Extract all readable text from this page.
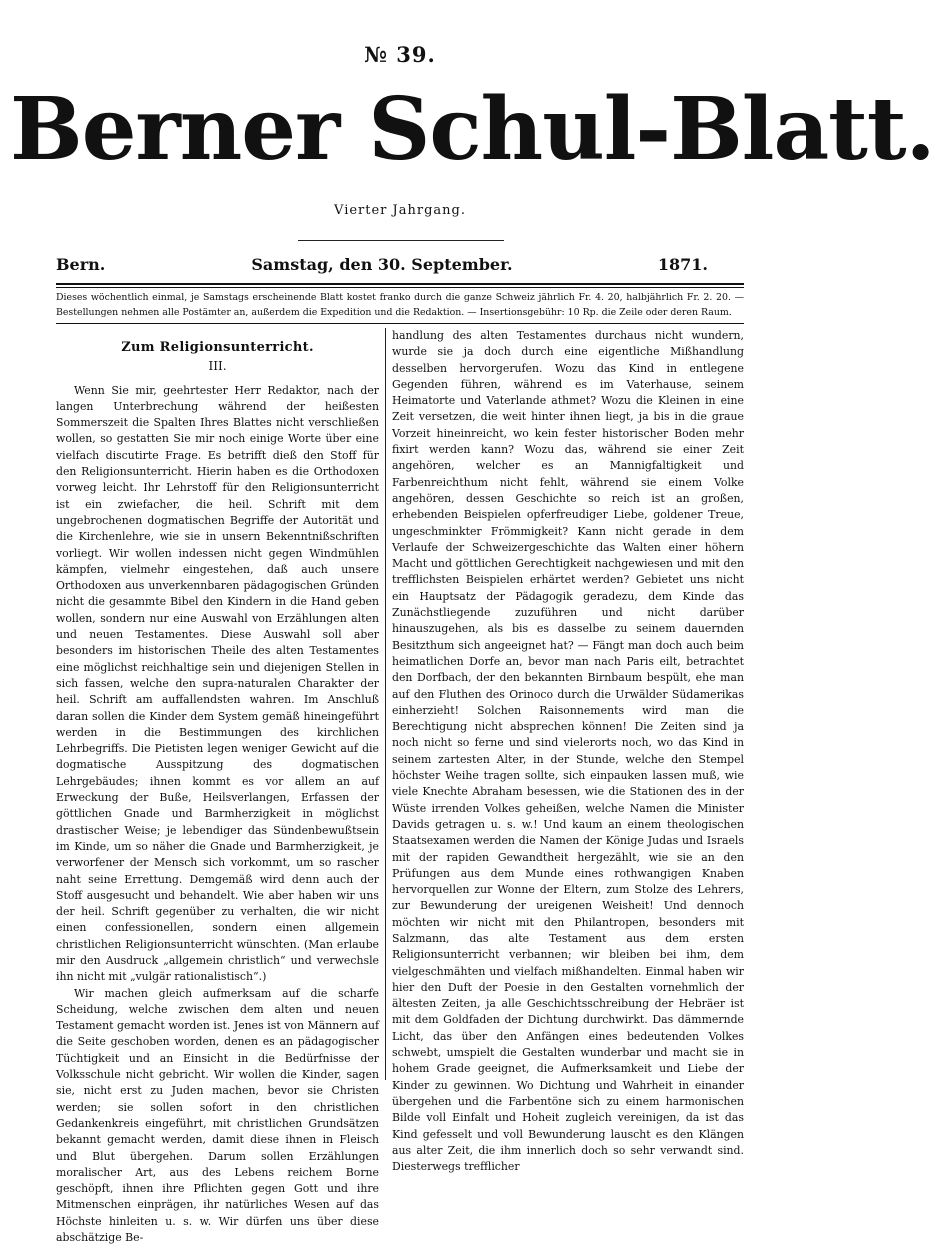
№ 39.
Berner Schul-Blatt.
Vierter Jahrgang.
Bern.	Samstag, den 30. September.	1871.
Dieses wöchentlich einmal, je Samstags erscheinende Blatt kostet franko durch die ganze Schweiz jährlich Fr. 4. 20, halbjährlich Fr. 2. 20. — Bestellungen nehmen alle Postämter an, außerdem die Expedition und die Redaktion. — Insertionsgebühr: 10 Rp. die Zeile oder deren Raum.
Zum Religionsunterricht.

III.

Wenn Sie mir, geehrtester Herr Redaktor, nach der langen Unterbrechung während der heißesten Sommerszeit die Spalten Ihres Blattes nicht verschließen wollen, so gestatten Sie mir noch einige Worte über eine vielfach discutirte Frage. Es betrifft dieß den Stoff für den Religionsunterricht. Hierin haben es die Orthodoxen vorweg leicht. Ihr Lehrstoff für den Religionsunterricht ist ein zwiefacher, die heil. Schrift mit dem ungebrochenen dogmatischen Begriffe der Autorität und die Kirchenlehre, wie sie in unsern Bekenntnißschriften vorliegt. Wir wollen indessen nicht gegen Windmühlen kämpfen, vielmehr eingestehen, daß auch unsere Orthodoxen aus unverkennbaren pädagogischen Gründen nicht die gesammte Bibel den Kindern in die Hand geben wollen, sondern nur eine Auswahl von Erzählungen alten und neuen Testamentes. Diese Auswahl soll aber besonders im historischen Theile des alten Testamentes eine möglichst reichhaltige sein und diejenigen Stellen in sich fassen, welche den supra-naturalen Charakter der heil. Schrift am auffallendsten wahren. Im Anschluß daran sollen die Kinder dem System gemäß hineingeführt werden in die Bestimmungen des kirchlichen Lehrbegriffs. Die Pietisten legen weniger Gewicht auf die dogmatische Ausspitzung des dogmatischen Lehrgebäudes; ihnen kommt es vor allem an auf Erweckung der Buße, Heilsverlangen, Erfassen der göttlichen Gnade und Barmherzigkeit in möglichst drastischer Weise; je lebendiger das Sündenbewußtsein im Kinde, um so näher die Gnade und Barmherzigkeit, je verworfener der Mensch sich vorkommt, um so rascher naht seine Errettung. Demgemäß wird denn auch der Stoff ausgesucht und behandelt. Wie aber haben wir uns der heil. Schrift gegenüber zu verhalten, die wir nicht einen confessionellen, sondern einen allgemein christlichen Religionsunterricht wünschten. (Man erlaube mir den Ausdruck „allgemein christlich“ und verwechsle ihn nicht mit „vulgär rationalistisch“.)

Wir machen gleich aufmerksam auf die scharfe Scheidung, welche zwischen dem alten und neuen Testament gemacht worden ist. Jenes ist von Männern auf die Seite geschoben worden, denen es an pädagogischer Tüchtigkeit und an Einsicht in die Bedürfnisse der Volksschule nicht gebricht. Wir wollen die Kinder, sagen sie, nicht erst zu Juden machen, bevor sie Christen werden; sie sollen sofort in den christlichen Gedankenkreis eingeführt, mit christlichen Grundsätzen bekannt gemacht werden, damit diese ihnen in Fleisch und Blut übergehen. Darum sollen Erzählungen moralischer Art, aus des Lebens reichem Borne geschöpft, ihnen ihre Pflichten gegen Gott und ihre Mitmenschen einprägen, ihr natürliches Wesen auf das Höchste hinleiten u. s. w. Wir dürfen uns über diese abschätzige Be-

handlung des alten Testamentes durchaus nicht wundern, wurde sie ja doch durch eine eigentliche Mißhandlung desselben hervorgerufen. Wozu das Kind in entlegene Gegenden führen, während es im Vaterhause, seinem Heimatorte und Vaterlande athmet? Wozu die Kleinen in eine Zeit versetzen, die weit hinter ihnen liegt, ja bis in die graue Vorzeit hineinreicht, wo kein fester historischer Boden mehr fixirt werden kann? Wozu das, während sie einer Zeit angehören, welcher es an Mannigfaltigkeit und Farbenreichthum nicht fehlt, während sie einem Volke angehören, dessen Geschichte so reich ist an großen, erhebenden Beispielen opferfreudiger Liebe, goldener Treue, ungeschminkter Frömmigkeit? Kann nicht gerade in dem Verlaufe der Schweizergeschichte das Walten einer höhern Macht und göttlichen Gerechtigkeit nachgewiesen und mit den trefflichsten Beispielen erhärtet werden? Gebietet uns nicht ein Hauptsatz der Pädagogik geradezu, dem Kinde das Zunächstliegende zuzuführen und nicht darüber hinauszugehen, als bis es dasselbe zu seinem dauernden Besitzthum sich angeeignet hat? — Fängt man doch auch beim heimatlichen Dorfe an, bevor man nach Paris eilt, betrachtet den Dorfbach, der den bekannten Birnbaum bespült, ehe man auf den Fluthen des Orinoco durch die Urwälder Südamerikas einherzieht! Solchen Raisonnements wird man die Berechtigung nicht absprechen können! Die Zeiten sind ja noch nicht so ferne und sind vielerorts noch, wo das Kind in seinem zartesten Alter, in der Stunde, welche den Stempel höchster Weihe tragen sollte, sich einpauken lassen muß, wie viele Knechte Abraham besessen, wie die Stationen des in der Wüste irrenden Volkes geheißen, welche Namen die Minister Davids getragen u. s. w.! Und kaum an einem theologischen Staatsexamen werden die Namen der Könige Judas und Israels mit der rapiden Gewandtheit hergezählt, wie sie an den Prüfungen aus dem Munde eines rothwangigen Knaben hervorquellen zur Wonne der Eltern, zum Stolze des Lehrers, zur Bewunderung der ureigenen Weisheit! Und dennoch möchten wir nicht mit den Philantropen, besonders mit Salzmann, das alte Testament aus dem ersten Religionsunterricht verbannen; wir bleiben bei ihm, dem vielgeschmähten und vielfach mißhandelten. Einmal haben wir hier den Duft der Poesie in den Gestalten vornehmlich der ältesten Zeiten, ja alle Geschichtsschreibung der Hebräer ist mit dem Goldfaden der Dichtung durchwirkt. Das dämmernde Licht, das über den Anfängen eines bedeutenden Volkes schwebt, umspielt die Gestalten wunderbar und macht sie in hohem Grade geeignet, die Aufmerksamkeit und Liebe der Kinder zu gewinnen. Wo Dichtung und Wahrheit in einander übergehen und die Farbentöne sich zu einem harmonischen Bilde voll Einfalt und Hoheit zugleich vereinigen, da ist das Kind gefesselt und voll Bewunderung lauscht es den Klängen aus alter Zeit, die ihm innerlich doch so sehr verwandt sind. Diesterwegs trefflicher
